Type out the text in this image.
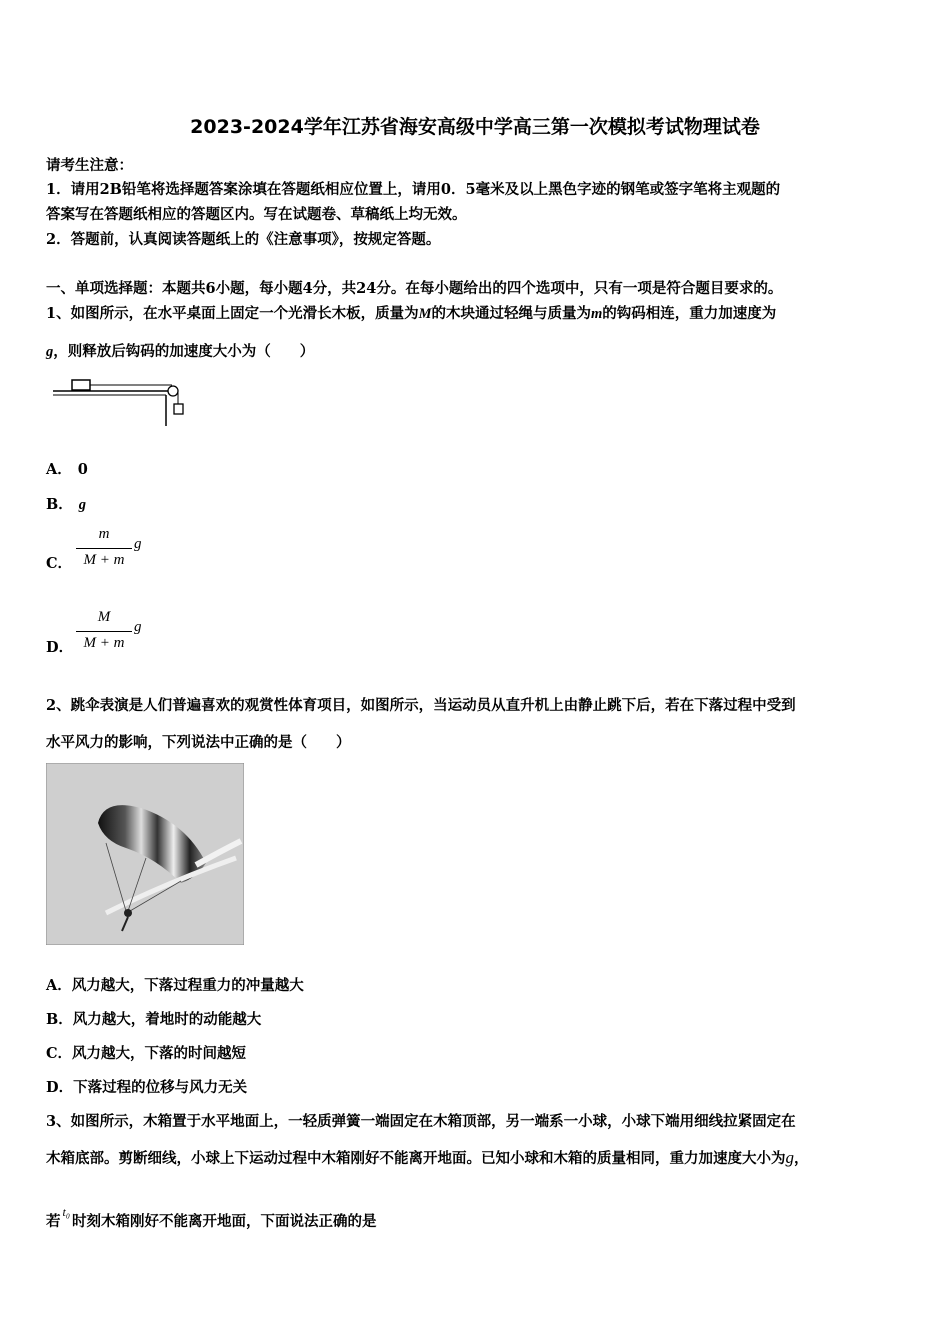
2023-2024学年江苏省海安高级中学高三第一次模拟考试物理试卷
请考生注意：
1．请用2B铅笔将选择题答案涂填在答题纸相应位置上，请用0．5毫米及以上黑色字迹的钢笔或签字笔将主观题的
答案写在答题纸相应的答题区内。写在试题卷、草稿纸上均无效。
2．答题前，认真阅读答题纸上的《注意事项》，按规定答题。
一、单项选择题：本题共6小题，每小题4分，共24分。在每小题给出的四个选项中，只有一项是符合题目要求的。
1、如图所示，在水平桌面上固定一个光滑长木板，质量为M的木块通过轻绳与质量为m的钩码相连，重力加速度为
g，则释放后钩码的加速度大小为（　　）
A． 0
B． g
C．
m
M + m
g
D．
M
M + m
g
2、跳伞表演是人们普遍喜欢的观赏性体育项目，如图所示，当运动员从直升机上由静止跳下后，若在下落过程中受到
水平风力的影响，下列说法中正确的是（　　）
A．风力越大，下落过程重力的冲量越大
B．风力越大，着地时的动能越大
C．风力越大，下落的时间越短
D．下落过程的位移与风力无关
3、如图所示，木箱置于水平地面上，一轻质弹簧一端固定在木箱顶部，另一端系一小球，小球下端用细线拉紧固定在
木箱底部。剪断细线，小球上下运动过程中木箱刚好不能离开地面。已知小球和木箱的质量相同，重力加速度大小为g，
若$^{t_0}$时刻木箱刚好不能离开地面，下面说法正确的是
